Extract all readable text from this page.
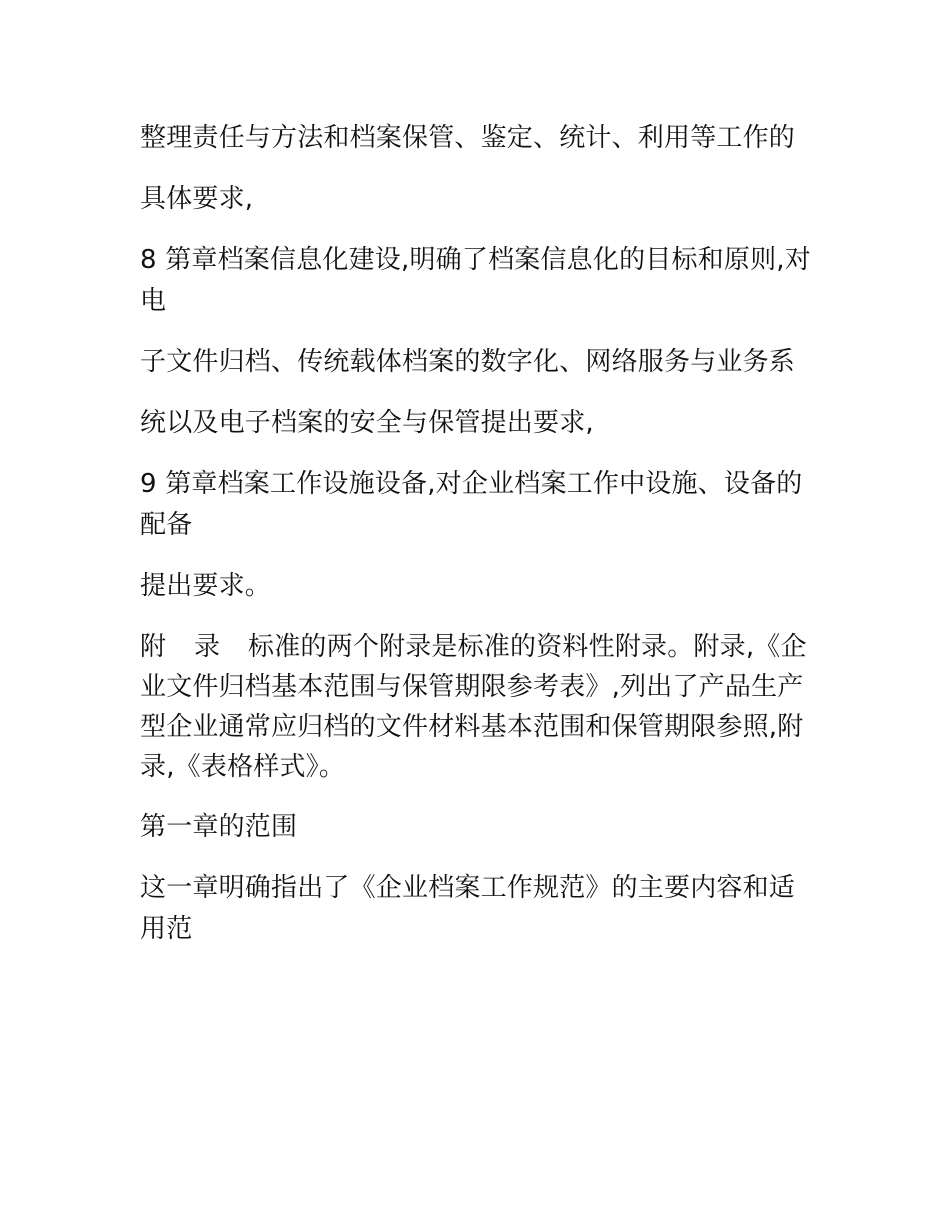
整理责任与方法和档案保管、鉴定、统计、利用等工作的

具体要求,

8 第章档案信息化建设,明确了档案信息化的目标和原则,对电

子文件归档、传统载体档案的数字化、网络服务与业务系

统以及电子档案的安全与保管提出要求,

9 第章档案工作设施设备,对企业档案工作中设施、设备的配备

提出要求。

附 录 标准的两个附录是标准的资料性附录。附录,《企业文件归档基本范围与保管期限参考表》,列出了产品生产型企业通常应归档的文件材料基本范围和保管期限参照,附录,《表格样式》。

第一章的范围

这一章明确指出了《企业档案工作规范》的主要内容和适用范
